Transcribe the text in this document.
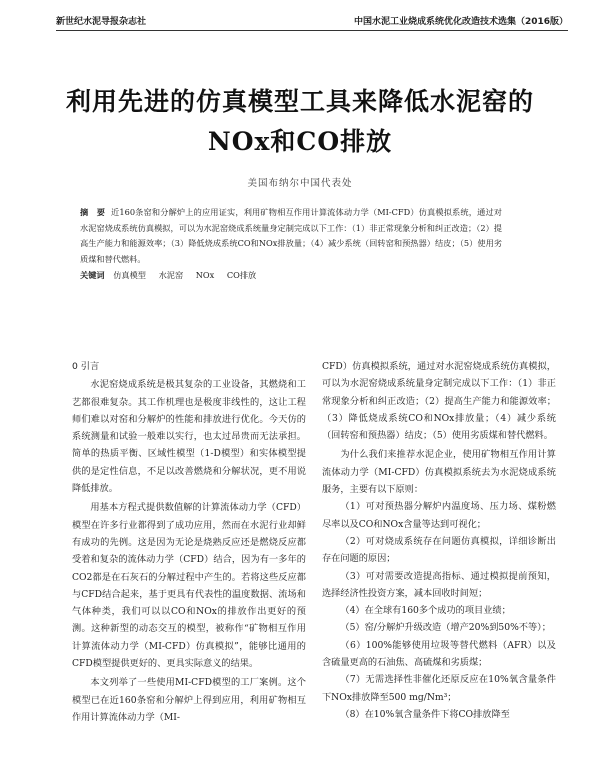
新世纪水泥导报杂志社	中国水泥工业烧成系统优化改造技术选集（2016版）
利用先进的仿真模型工具来降低水泥窑的
NOx和CO排放
美国布纳尔中国代表处
摘　要 近160条窑和分解炉上的应用证实，利用矿物相互作用计算流体动力学（MI-CFD）仿真模拟系统，通过对水泥窑烧成系统仿真模拟，可以为水泥窑烧成系统量身定制完成以下工作：（1）非正常现象分析和纠正改造；（2）提高生产能力和能源效率；（3）降低烧成系统CO和NOx排放量；（4）减少系统（回转窑和预热器）结皮；（5）使用劣质煤和替代燃料。
关键词 仿真模型 水泥窑 NOx CO排放
0 引言

水泥窑烧成系统是极其复杂的工业设备，其燃烧和工艺都很难复杂。其工作机理也是极度非线性的，这让工程师们难以对窑和分解炉的性能和排放进行优化。今天仿的系统测量和试验一般难以实行，也太过昂贵而无法承担。简单的热质平衡、区域性模型（1-D模型）和实体模型提供的是定性信息，不足以改善燃烧和分解状况，更不用说降低排放。

用基本方程式提供数值解的计算流体动力学（CFD）模型在许多行业都得到了成功应用，然而在水泥行业却鲜有成功的先例。这是因为无论是烧熟反应还是燃烧反应都受着和复杂的流体动力学（CFD）结合，因为有一多年的CO2都是在石灰石的分解过程中产生的。若将这些反应都与CFD结合起来，基于更具有代表性的温度数据、流场和气体种类，我们可以以CO和NOx的排放作出更好的预测。这种新型的动态交互的模型，被称作“矿物相互作用计算流体动力学（MI-CFD）仿真模拟”，能够比通用的CFD模型提供更好的、更具实际意义的结果。

本文列举了一些使用MI-CFD模型的工厂案例。这个模型已在近160条窑和分解炉上得到应用，利用矿物相互作用计算流体动力学（MI-

CFD）仿真模拟系统，通过对水泥窑烧成系统仿真模拟，可以为水泥窑烧成系统量身定制完成以下工作：（1）非正常现象分析和纠正改造；（2）提高生产能力和能源效率；（3）降低烧成系统CO和NOx排放量；（4）减少系统（回转窑和预热器）结皮；（5）使用劣质煤和替代燃料。

为什么我们来推荐水泥企业，使用矿物相互作用计算流体动力学（MI-CFD）仿真模拟系统去为水泥烧成系统服务，主要有以下原则：

（1）可对预热器分解炉内温度场、压力场、煤粉燃尽率以及CO和NOx含量等达到可视化；

（2）可对烧成系统存在问题仿真模拟，详细诊断出存在问题的原因；

（3）可对需要改造提高指标、通过模拟提前预知，选择经济性投资方案，减本回收时间短；

（4）在全球有160多个成功的项目业绩；

（5）窑/分解炉升级改造（增产20%到50%不等）；

（6）100%能够使用垃圾等替代燃料（AFR）以及含硫量更高的石油焦、高硫煤和劣质煤；

（7）无需选择性非催化还原反应在10%氧含量条件下NOx排放降至500 mg/Nm³；

（8）在10%氧含量条件下将CO排放降至
